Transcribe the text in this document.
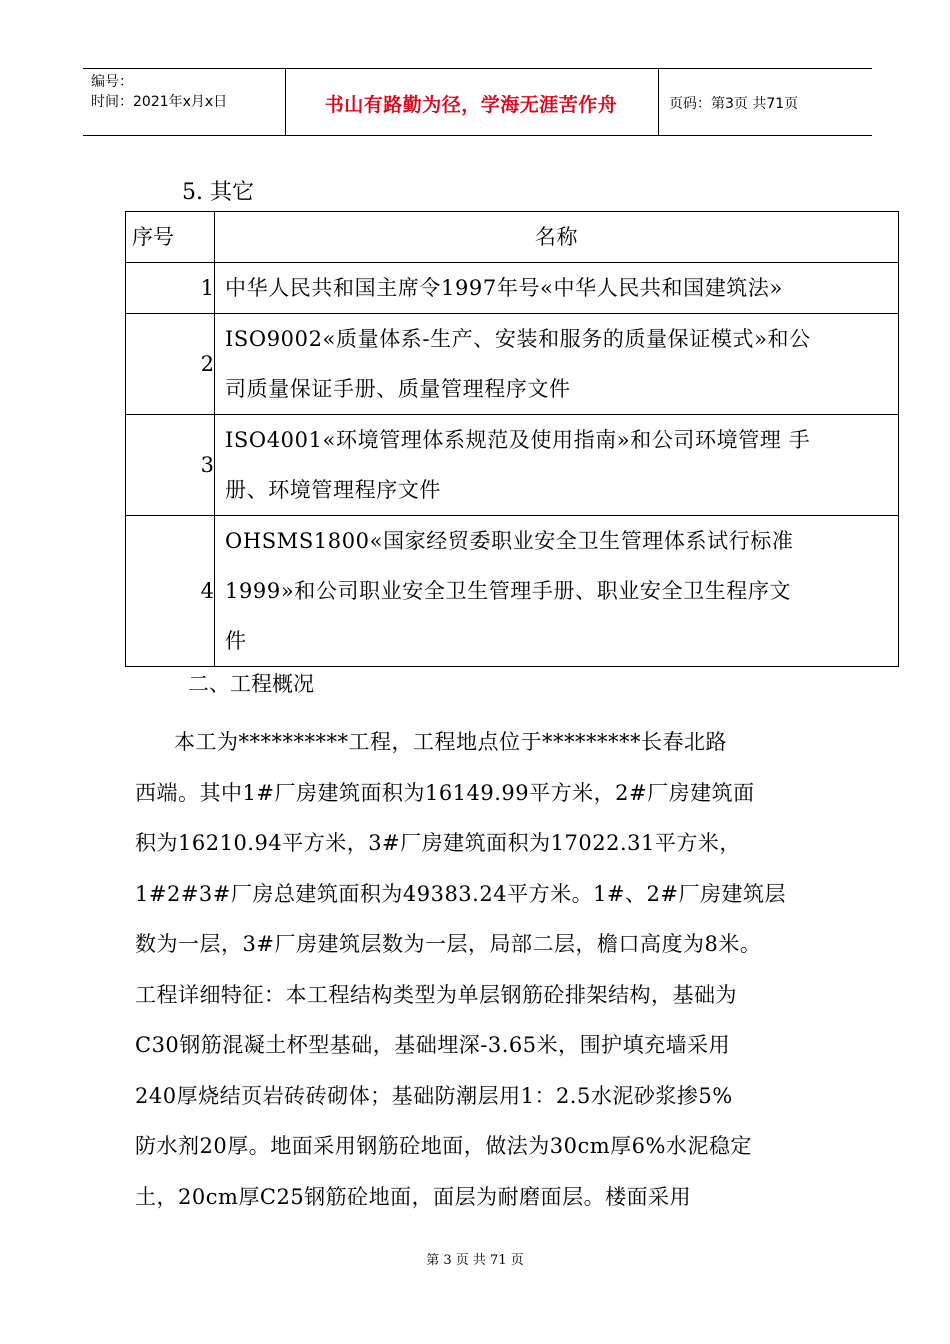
编号：
时间：2021年x月x日	书山有路勤为径，学海无涯苦作舟	页码：第3页 共71页
5. 其它
序号	名称
1	中华人民共和国主席令1997年号«中华人民共和国建筑法»

2	ISO9002«质量体系-生产、安装和服务的质量保证模式»和公
司质量保证手册、质量管理程序文件

3	ISO4001«环境管理体系规范及使用指南»和公司环境管理 手
册、环境管理程序文件

4	OHSMS1800«国家经贸委职业安全卫生管理体系试行标准
1999»和公司职业安全卫生管理手册、职业安全卫生程序文
件
二、工程概况
　　本工为**********工程，工程地点位于*********长春北路
西端。其中1#厂房建筑面积为16149.99平方米，2#厂房建筑面
积为16210.94平方米，3#厂房建筑面积为17022.31平方米，
1#2#3#厂房总建筑面积为49383.24平方米。1#、2#厂房建筑层
数为一层，3#厂房建筑层数为一层，局部二层，檐口高度为8米。
工程详细特征：本工程结构类型为单层钢筋砼排架结构，基础为
C30钢筋混凝土杯型基础，基础埋深-3.65米，围护填充墙采用
240厚烧结页岩砖砖砌体；基础防潮层用1：2.5水泥砂浆掺5%
防水剂20厚。地面采用钢筋砼地面，做法为30cm厚6%水泥稳定
土，20cm厚C25钢筋砼地面，面层为耐磨面层。楼面采用
第 3 页 共 71 页
